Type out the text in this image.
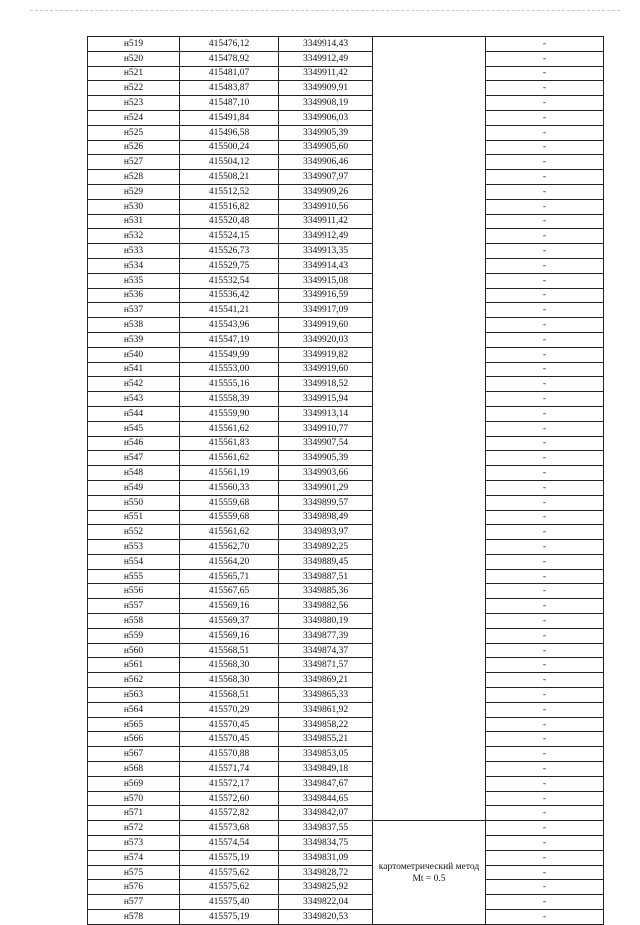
н519	415476,12	3349914,43		-
н520	415478,92	3349912,49		-
н521	415481,07	3349911,42		-
н522	415483,87	3349909,91		-
н523	415487,10	3349908,19		-
н524	415491,84	3349906,03		-
н525	415496,58	3349905,39		-
н526	415500,24	3349905,60		-
н527	415504,12	3349906,46		-
н528	415508,21	3349907,97		-
н529	415512,52	3349909,26		-
н530	415516,82	3349910,56		-
н531	415520,48	3349911,42		-
н532	415524,15	3349912,49		-
н533	415526,73	3349913,35		-
н534	415529,75	3349914,43		-
н535	415532,54	3349915,08		-
н536	415536,42	3349916,59		-
н537	415541,21	3349917,09		-
н538	415543,96	3349919,60		-
н539	415547,19	3349920,03		-
н540	415549,99	3349919,82		-
н541	415553,00	3349919,60		-
н542	415555,16	3349918,52		-
н543	415558,39	3349915,94		-
н544	415559,90	3349913,14		-
н545	415561,62	3349910,77		-
н546	415561,83	3349907,54		-
н547	415561,62	3349905,39		-
н548	415561,19	3349903,66		-
н549	415560,33	3349901,29		-
н550	415559,68	3349899,57		-
н551	415559,68	3349898,49		-
н552	415561,62	3349893,97		-
н553	415562,70	3349892,25		-
н554	415564,20	3349889,45		-
н555	415565,71	3349887,51		-
н556	415567,65	3349885,36		-
н557	415569,16	3349882,56		-
н558	415569,37	3349880,19		-
н559	415569,16	3349877,39		-
н560	415568,51	3349874,37		-
н561	415568,30	3349871,57		-
н562	415568,30	3349869,21		-
н563	415568,51	3349865,33		-
н564	415570,29	3349861,92		-
н565	415570,45	3349858,22		-
н566	415570,45	3349855,21		-
н567	415570,88	3349853,05		-
н568	415571,74	3349849,18		-
н569	415572,17	3349847,67		-
н570	415572,60	3349844,65		-
н571	415572,82	3349842,07		-
н572	415573,68	3349837,55	картометрический метод Mt = 0.5	-
н573	415574,54	3349834,75		-
н574	415575,19	3349831,09		-
н575	415575,62	3349828,72		-
н576	415575,62	3349825,92		-
н577	415575,40	3349822,04		-
н578	415575,19	3349820,53		-
